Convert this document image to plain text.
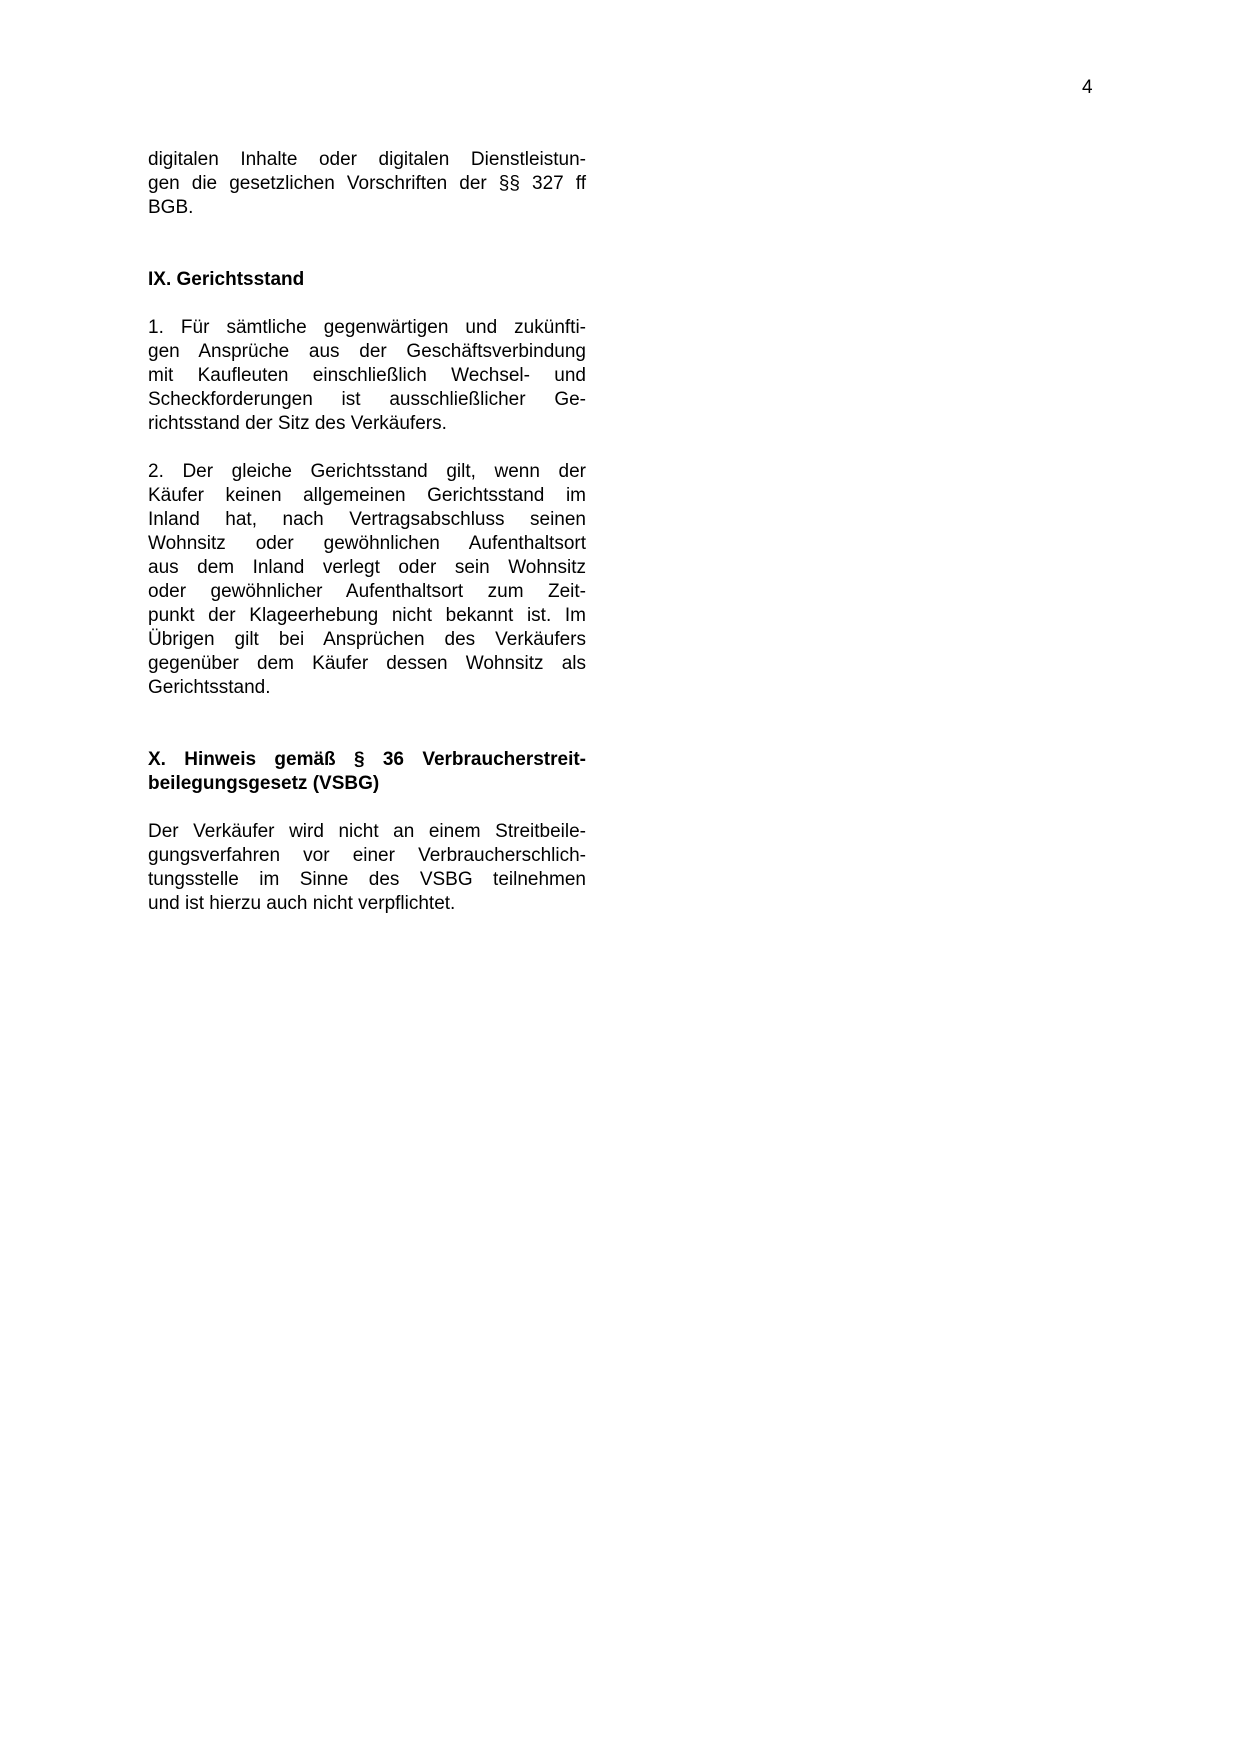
4

digitalen Inhalte oder digitalen Dienstleistun-

gen die gesetzlichen Vorschriften der §§ 327 ff

BGB.

IX. Gerichtsstand

1. Für sämtliche gegenwärtigen und zukünfti-

gen Ansprüche aus der Geschäftsverbindung

mit Kaufleuten einschließlich Wechsel- und

Scheckforderungen ist ausschließlicher Ge-

richtsstand der Sitz des Verkäufers.

2. Der gleiche Gerichtsstand gilt, wenn der

Käufer keinen allgemeinen Gerichtsstand im

Inland hat, nach Vertragsabschluss seinen

Wohnsitz oder gewöhnlichen Aufenthaltsort

aus dem Inland verlegt oder sein Wohnsitz

oder gewöhnlicher Aufenthaltsort zum Zeit-

punkt der Klageerhebung nicht bekannt ist. Im

Übrigen gilt bei Ansprüchen des Verkäufers

gegenüber dem Käufer dessen Wohnsitz als

Gerichtsstand.

X. Hinweis gemäß § 36 Verbraucherstreit-

beilegungsgesetz (VSBG)

Der Verkäufer wird nicht an einem Streitbeile-

gungsverfahren vor einer Verbraucherschlich-

tungsstelle im Sinne des VSBG teilnehmen

und ist hierzu auch nicht verpflichtet.
